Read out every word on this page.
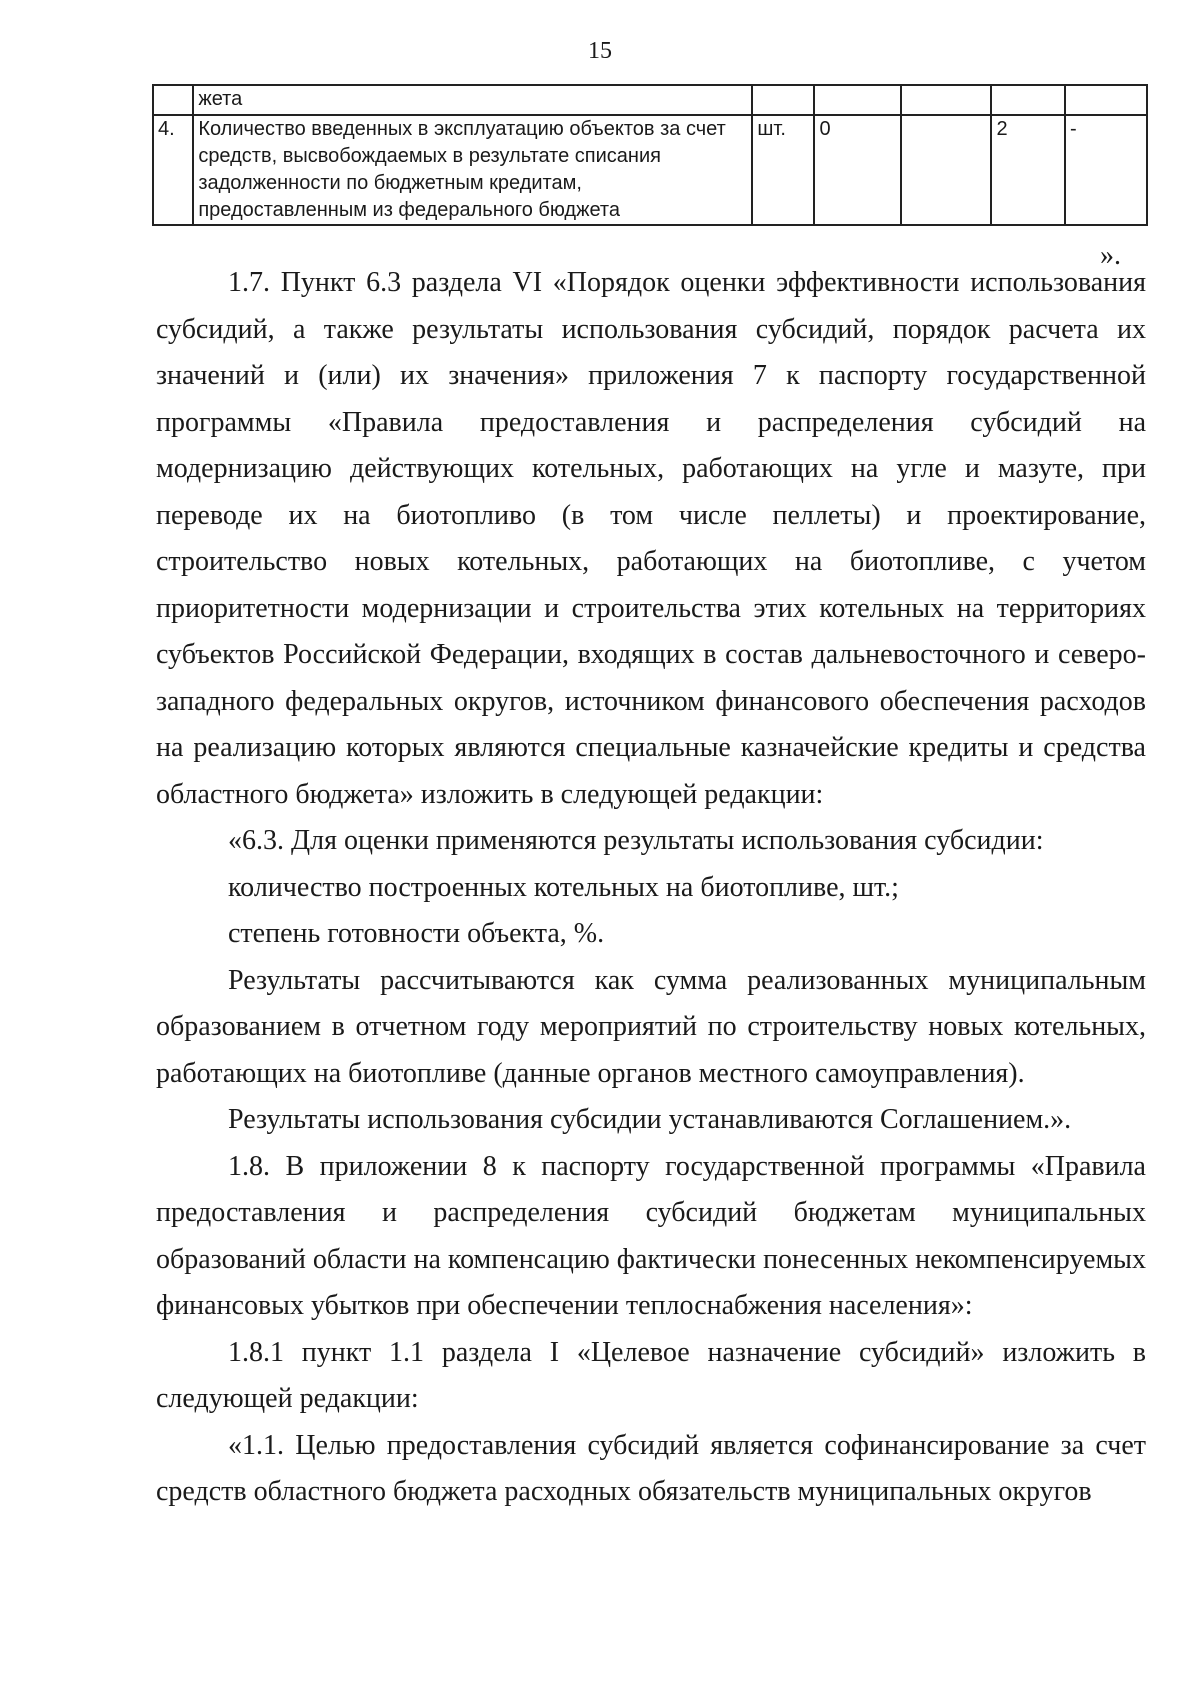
15
	жета					
4.	Количество введенных в эксплуатацию объектов за счет средств, высвобождаемых в результате списания задолженности по бюджетным кредитам, предоставленным из федерального бюджета	шт.	0		2	-
».

1.7. Пункт 6.3 раздела VI «Порядок оценки эффективности использования субсидий, а также результаты использования субсидий, порядок расчета их значений и (или) их значения» приложения 7 к паспорту государственной программы «Правила предоставления и распределения субсидий на модернизацию действующих котельных, работающих на угле и мазуте, при переводе их на биотопливо (в том числе пеллеты) и проектирование, строительство новых котельных, работающих на биотопливе, с учетом приоритетности модернизации и строительства этих котельных на территориях субъектов Российской Федерации, входящих в состав дальневосточного и северо-западного федеральных округов, источником финансового обеспечения расходов на реализацию которых являются специальные казначейские кредиты и средства областного бюджета» изложить в следующей редакции:

«6.3. Для оценки применяются результаты использования субсидии:

количество построенных котельных на биотопливе, шт.;

степень готовности объекта, %.

Результаты рассчитываются как сумма реализованных муниципальным образованием в отчетном году мероприятий по строительству новых котельных, работающих на биотопливе (данные органов местного самоуправления).

Результаты использования субсидии устанавливаются Соглашением.».

1.8. В приложении 8 к паспорту государственной программы «Правила предоставления и распределения субсидий бюджетам муниципальных образований области на компенсацию фактически понесенных некомпенсируемых финансовых убытков при обеспечении теплоснабжения населения»:

1.8.1 пункт 1.1 раздела I «Целевое назначение субсидий» изложить в следующей редакции:

«1.1. Целью предоставления субсидий является софинансирование за счет средств областного бюджета расходных обязательств муниципальных округов
